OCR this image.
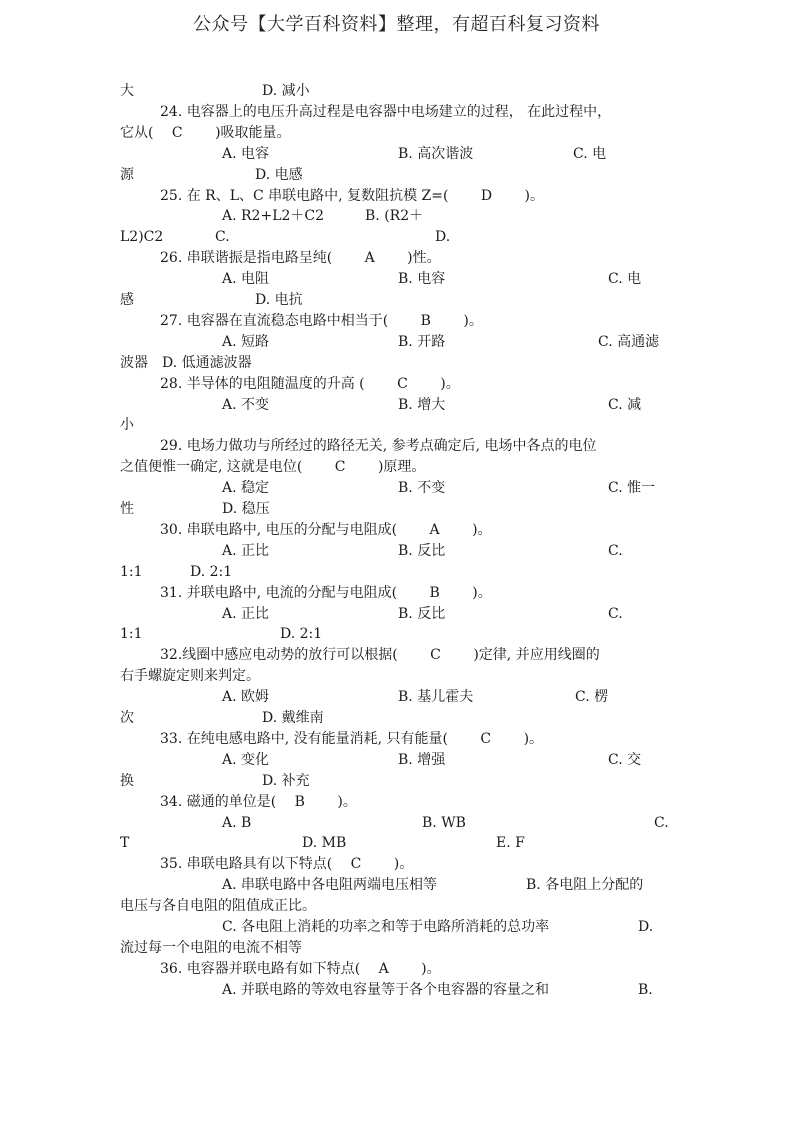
公众号【大学百科资料】整理，有超百科复习资料
大	D. 减小
24. 电容器上的电压升高过程是电容器中电场建立的过程， 在此过程中，
它从(　 C　　 )吸取能量。
A. 电容	B. 高次谐波	C. 电
源	D. 电感
25. 在 R、L、C 串联电路中, 复数阻抗模 Z=(　　 D　　 )。
A. R2+L2＋C2	B. (R2＋
L2)C2	C.	D.
26. 串联谐振是指电路呈纯(　　 A　　 )性。
A. 电阻	B. 电容	C. 电
感	D. 电抗
27. 电容器在直流稳态电路中相当于(　　 B　　 )。
A. 短路	B. 开路	C. 高通滤
波器　D. 低通滤波器
28. 半导体的电阻随温度的升高 (　　 C　　 )。
A. 不变	B. 增大	C. 减
小
29. 电场力做功与所经过的路径无关, 参考点确定后, 电场中各点的电位
之值便惟一确定, 这就是电位(　　 C　　 )原理。
A. 稳定	B. 不变	C. 惟一
性	D. 稳压
30. 串联电路中, 电压的分配与电阻成(　　 A　　 )。
A. 正比	B. 反比	C.
1:1	D. 2:1
31. 并联电路中, 电流的分配与电阻成(　　 B　　 )。
A. 正比	B. 反比	C.
1:1	D. 2:1
32.线圈中感应电动势的放行可以根据(　　 C　　 )定律, 并应用线圈的
右手螺旋定则来判定。
A. 欧姆	B. 基儿霍夫	C. 楞
次	D. 戴维南
33. 在纯电感电路中, 没有能量消耗, 只有能量(　　 C　　 )。
A. 变化	B. 增强	C. 交
换	D. 补充
34. 磁通的单位是(　 B　　 )。
A. B	B. WB	C.
T	D. MB	E. F
35. 串联电路具有以下特点(　 C　　 )。
A. 串联电路中各电阻两端电压相等	B. 各电阻上分配的
电压与各自电阻的阻值成正比。
C. 各电阻上消耗的功率之和等于电路所消耗的总功率	D.
流过每一个电阻的电流不相等
36. 电容器并联电路有如下特点(　 A　　 )。
A. 并联电路的等效电容量等于各个电容器的容量之和	B.
